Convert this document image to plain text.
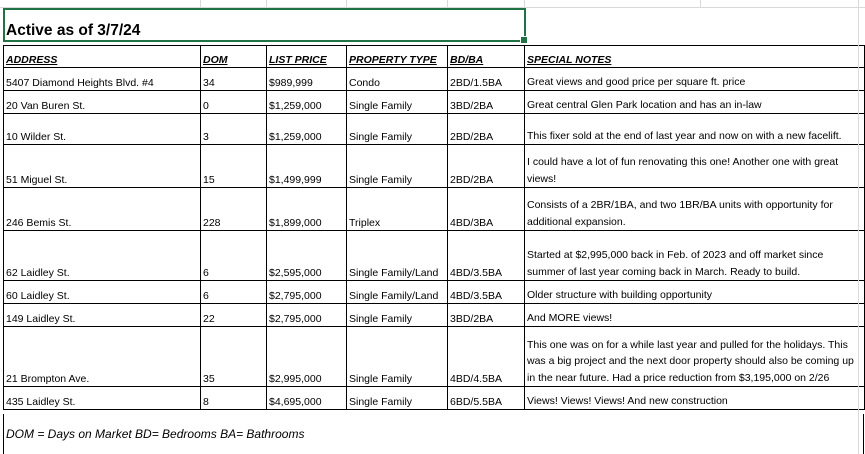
Active as of 3/7/24
ADDRESS	DOM	LIST PRICE	PROPERTY TYPE	BD/BA	SPECIAL NOTES
5407 Diamond Heights Blvd. #4	34	$989,999	Condo	2BD/1.5BA	Great views and good price per square ft. price
20 Van Buren St.	0	$1,259,000	Single Family	3BD/2BA	Great central Glen Park location and has an in-law
10 Wilder St.	3	$1,259,000	Single Family	2BD/2BA	This fixer sold at the end of last year and now on with a new facelift.
51 Miguel St.	15	$1,499,999	Single Family	2BD/2BA	I could have a lot of fun renovating this one! Another one with great views!
246 Bemis St.	228	$1,899,000	Triplex	4BD/3BA	Consists of a 2BR/1BA, and two 1BR/BA units with opportunity for additional expansion.
62 Laidley St.	6	$2,595,000	Single Family/Land	4BD/3.5BA	Started at $2,995,000 back in Feb. of 2023 and off market since summer of last year coming back in March. Ready to build.
60 Laidley St.	6	$2,795,000	Single Family/Land	4BD/3.5BA	Older structure with building opportunity
149 Laidley St.	22	$2,795,000	Single Family	3BD/2BA	And MORE views!
21 Brompton Ave.	35	$2,995,000	Single Family	4BD/4.5BA	This one was on for a while last year and pulled for the holidays. This was a big project and the next door property should also be coming up in the near future. Had a price reduction from $3,195,000 on 2/26
435 Laidley St.	8	$4,695,000	Single Family	6BD/5.5BA	Views! Views! Views! And new construction
DOM = Days on Market BD= Bedrooms BA= Bathrooms
